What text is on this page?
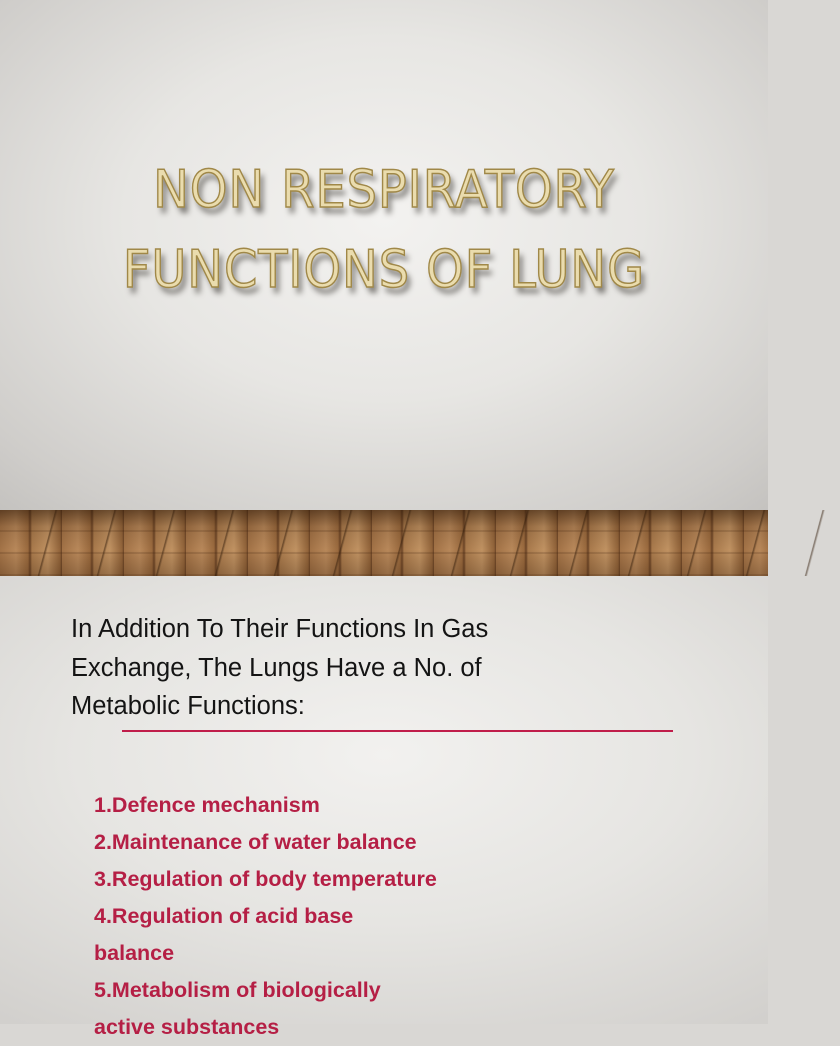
NON RESPIRATORY
FUNCTIONS OF LUNG

In Addition To Their Functions In Gas
Exchange, The Lungs Have a No. of
Metabolic Functions:

1.Defence mechanism
2.Maintenance of water balance
3.Regulation of body temperature
4.Regulation of acid base
balance
5.Metabolism of biologically
active substances
